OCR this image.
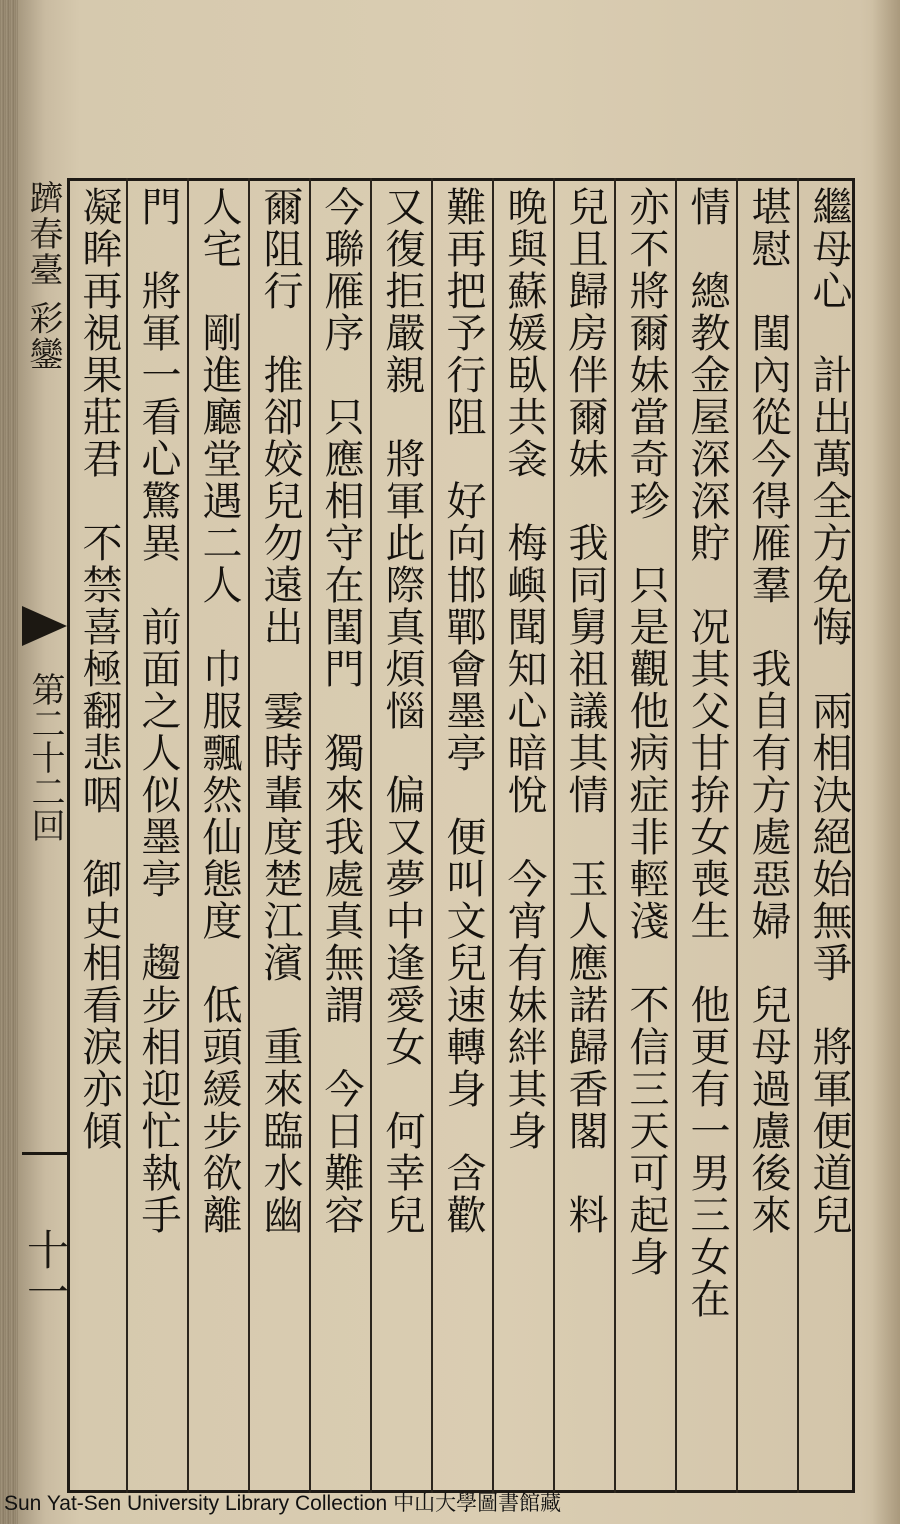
躋春臺 彩鑾
第二十二回
十一
繼母心　計出萬全方免悔　兩相決絕始無爭　將軍便道兒
堪慰　閨內從今得雁羣　我自有方處惡婦　兒母過慮後來
情　總教金屋深深貯　况其父甘拚女喪生　他更有一男三女在
亦不將爾妹當奇珍　只是觀他病症非輕淺　不信三天可起身
兒且歸房伴爾妹　我同舅祖議其情　玉人應諾歸香閣　料
晚與蘇媛臥共衾　梅嶼聞知心暗悅　今宵有妹絆其身
難再把予行阻　好向邯鄲會墨亭　便叫文兒速轉身　含歡
又復拒嚴親　將軍此際真煩惱　偏又夢中逢愛女　何幸兒
今聯雁序　只應相守在閨門　獨來我處真無謂　今日難容
爾阻行　推卻姣兒勿遠出　霎時輩度楚江濱　重來臨水幽
人宅　剛進廳堂遇二人　巾服飄然仙態度　低頭緩步欲離
門　將軍一看心驚異　前面之人似墨亭　趨步相迎忙執手
凝眸再視果莊君　不禁喜極翻悲咽　御史相看淚亦傾
Sun Yat-Sen University Library Collection 中山大學圖書館藏
